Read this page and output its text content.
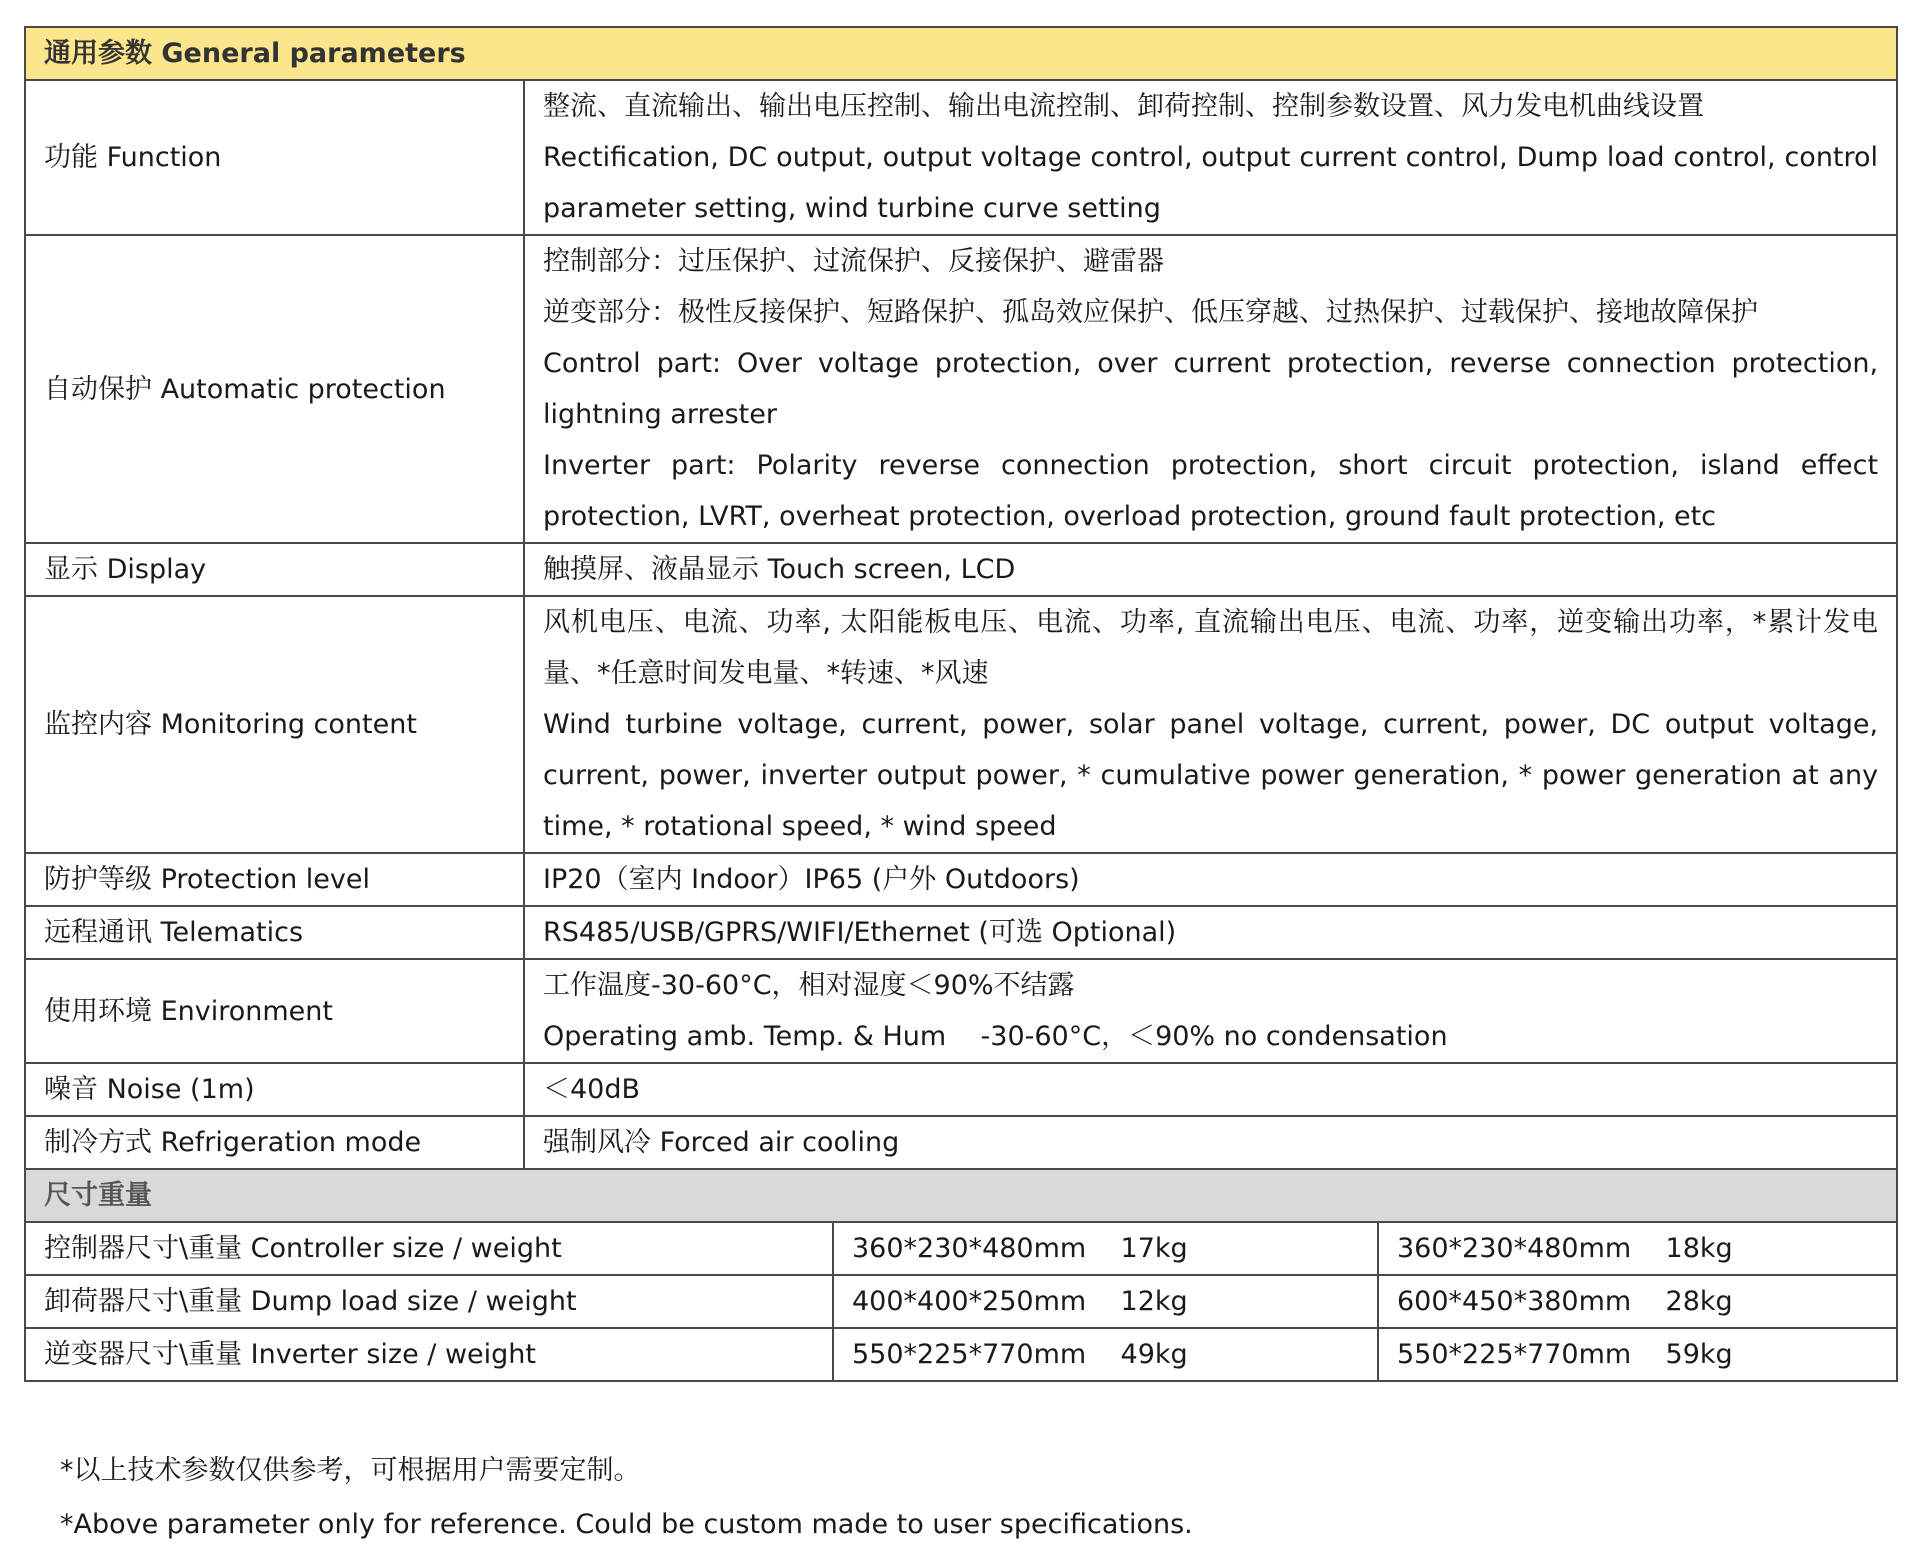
通用参数 General parameters			
功能 Function	整流、直流输出、输出电压控制、输出电流控制、卸荷控制、控制参数设置、风力发电机曲线设置
Rectification, DC output, output voltage control, output current control, Dump load control, control parameter setting, wind turbine curve setting		

自动保护 Automatic protection	控制部分：过压保护、过流保护、反接保护、避雷器
逆变部分：极性反接保护、短路保护、孤岛效应保护、低压穿越、过热保护、过载保护、接地故障保护
Control part: Over voltage protection, over current protection, reverse connection protection, lightning arrester
Inverter part: Polarity reverse connection protection, short circuit protection, island effect protection, LVRT, overheat protection, overload protection, ground fault protection, etc		

显示 Display	触摸屏、液晶显示 Touch screen, LCD		

监控内容 Monitoring content	风机电压、电流、功率, 太阳能板电压、电流、功率, 直流输出电压、电流、功率，逆变输出功率，*累计发电量、*任意时间发电量、*转速、*风速
Wind turbine voltage, current, power, solar panel voltage, current, power, DC output voltage, current, power, inverter output power, * cumulative power generation, * power generation at any time, * rotational speed, * wind speed		

防护等级 Protection level	IP20（室内 Indoor）IP65 (户外 Outdoors)		

远程通讯 Telematics	RS485/USB/GPRS/WIFI/Ethernet (可选 Optional)		

使用环境 Environment	工作温度-30-60°C，相对湿度＜90%不结露
Operating amb. Temp. & Hum    -30-60°C，＜90% no condensation		

噪音 Noise (1m)	＜40dB		

制冷方式 Refrigeration mode	强制风冷 Forced air cooling		

尺寸重量			
控制器尺寸\重量 Controller size / weight		360*230*480mm    17kg	360*230*480mm    18kg
卸荷器尺寸\重量 Dump load size / weight		400*400*250mm    12kg	600*450*380mm    28kg
逆变器尺寸\重量 Inverter size / weight		550*225*770mm    49kg	550*225*770mm    59kg
*以上技术参数仅供参考，可根据用户需要定制。
*Above parameter only for reference. Could be custom made to user specifications.
